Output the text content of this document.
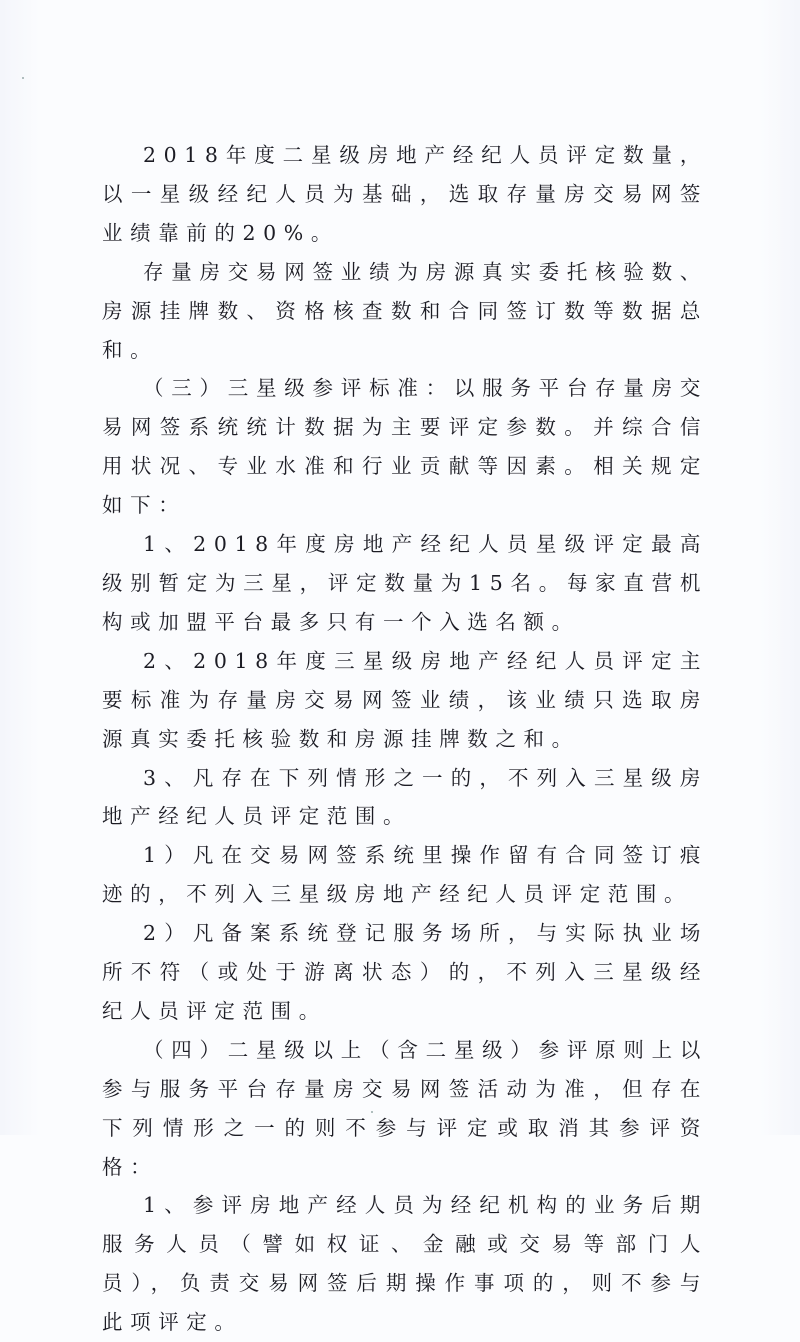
2018年度二星级房地产经纪人员评定数量，以一星级经纪人员为基础，选取存量房交易网签业绩靠前的20%。

存量房交易网签业绩为房源真实委托核验数、房源挂牌数、资格核查数和合同签订数等数据总和。

（三）三星级参评标准：以服务平台存量房交易网签系统统计数据为主要评定参数。并综合信用状况、专业水准和行业贡献等因素。相关规定如下：

1、2018年度房地产经纪人员星级评定最高级别暂定为三星，评定数量为15名。每家直营机构或加盟平台最多只有一个入选名额。

2、2018年度三星级房地产经纪人员评定主要标准为存量房交易网签业绩，该业绩只选取房源真实委托核验数和房源挂牌数之和。

3、凡存在下列情形之一的，不列入三星级房地产经纪人员评定范围。

1）凡在交易网签系统里操作留有合同签订痕迹的，不列入三星级房地产经纪人员评定范围。

2）凡备案系统登记服务场所，与实际执业场所不符（或处于游离状态）的，不列入三星级经纪人员评定范围。

（四）二星级以上（含二星级）参评原则上以参与服务平台存量房交易网签活动为准，但存在下列情形之一的则不参与评定或取消其参评资格：

1、参评房地产经人员为经纪机构的业务后期服务人员（譬如权证、金融或交易等部门人员），负责交易网签后期操作事项的，则不参与此项评定。
